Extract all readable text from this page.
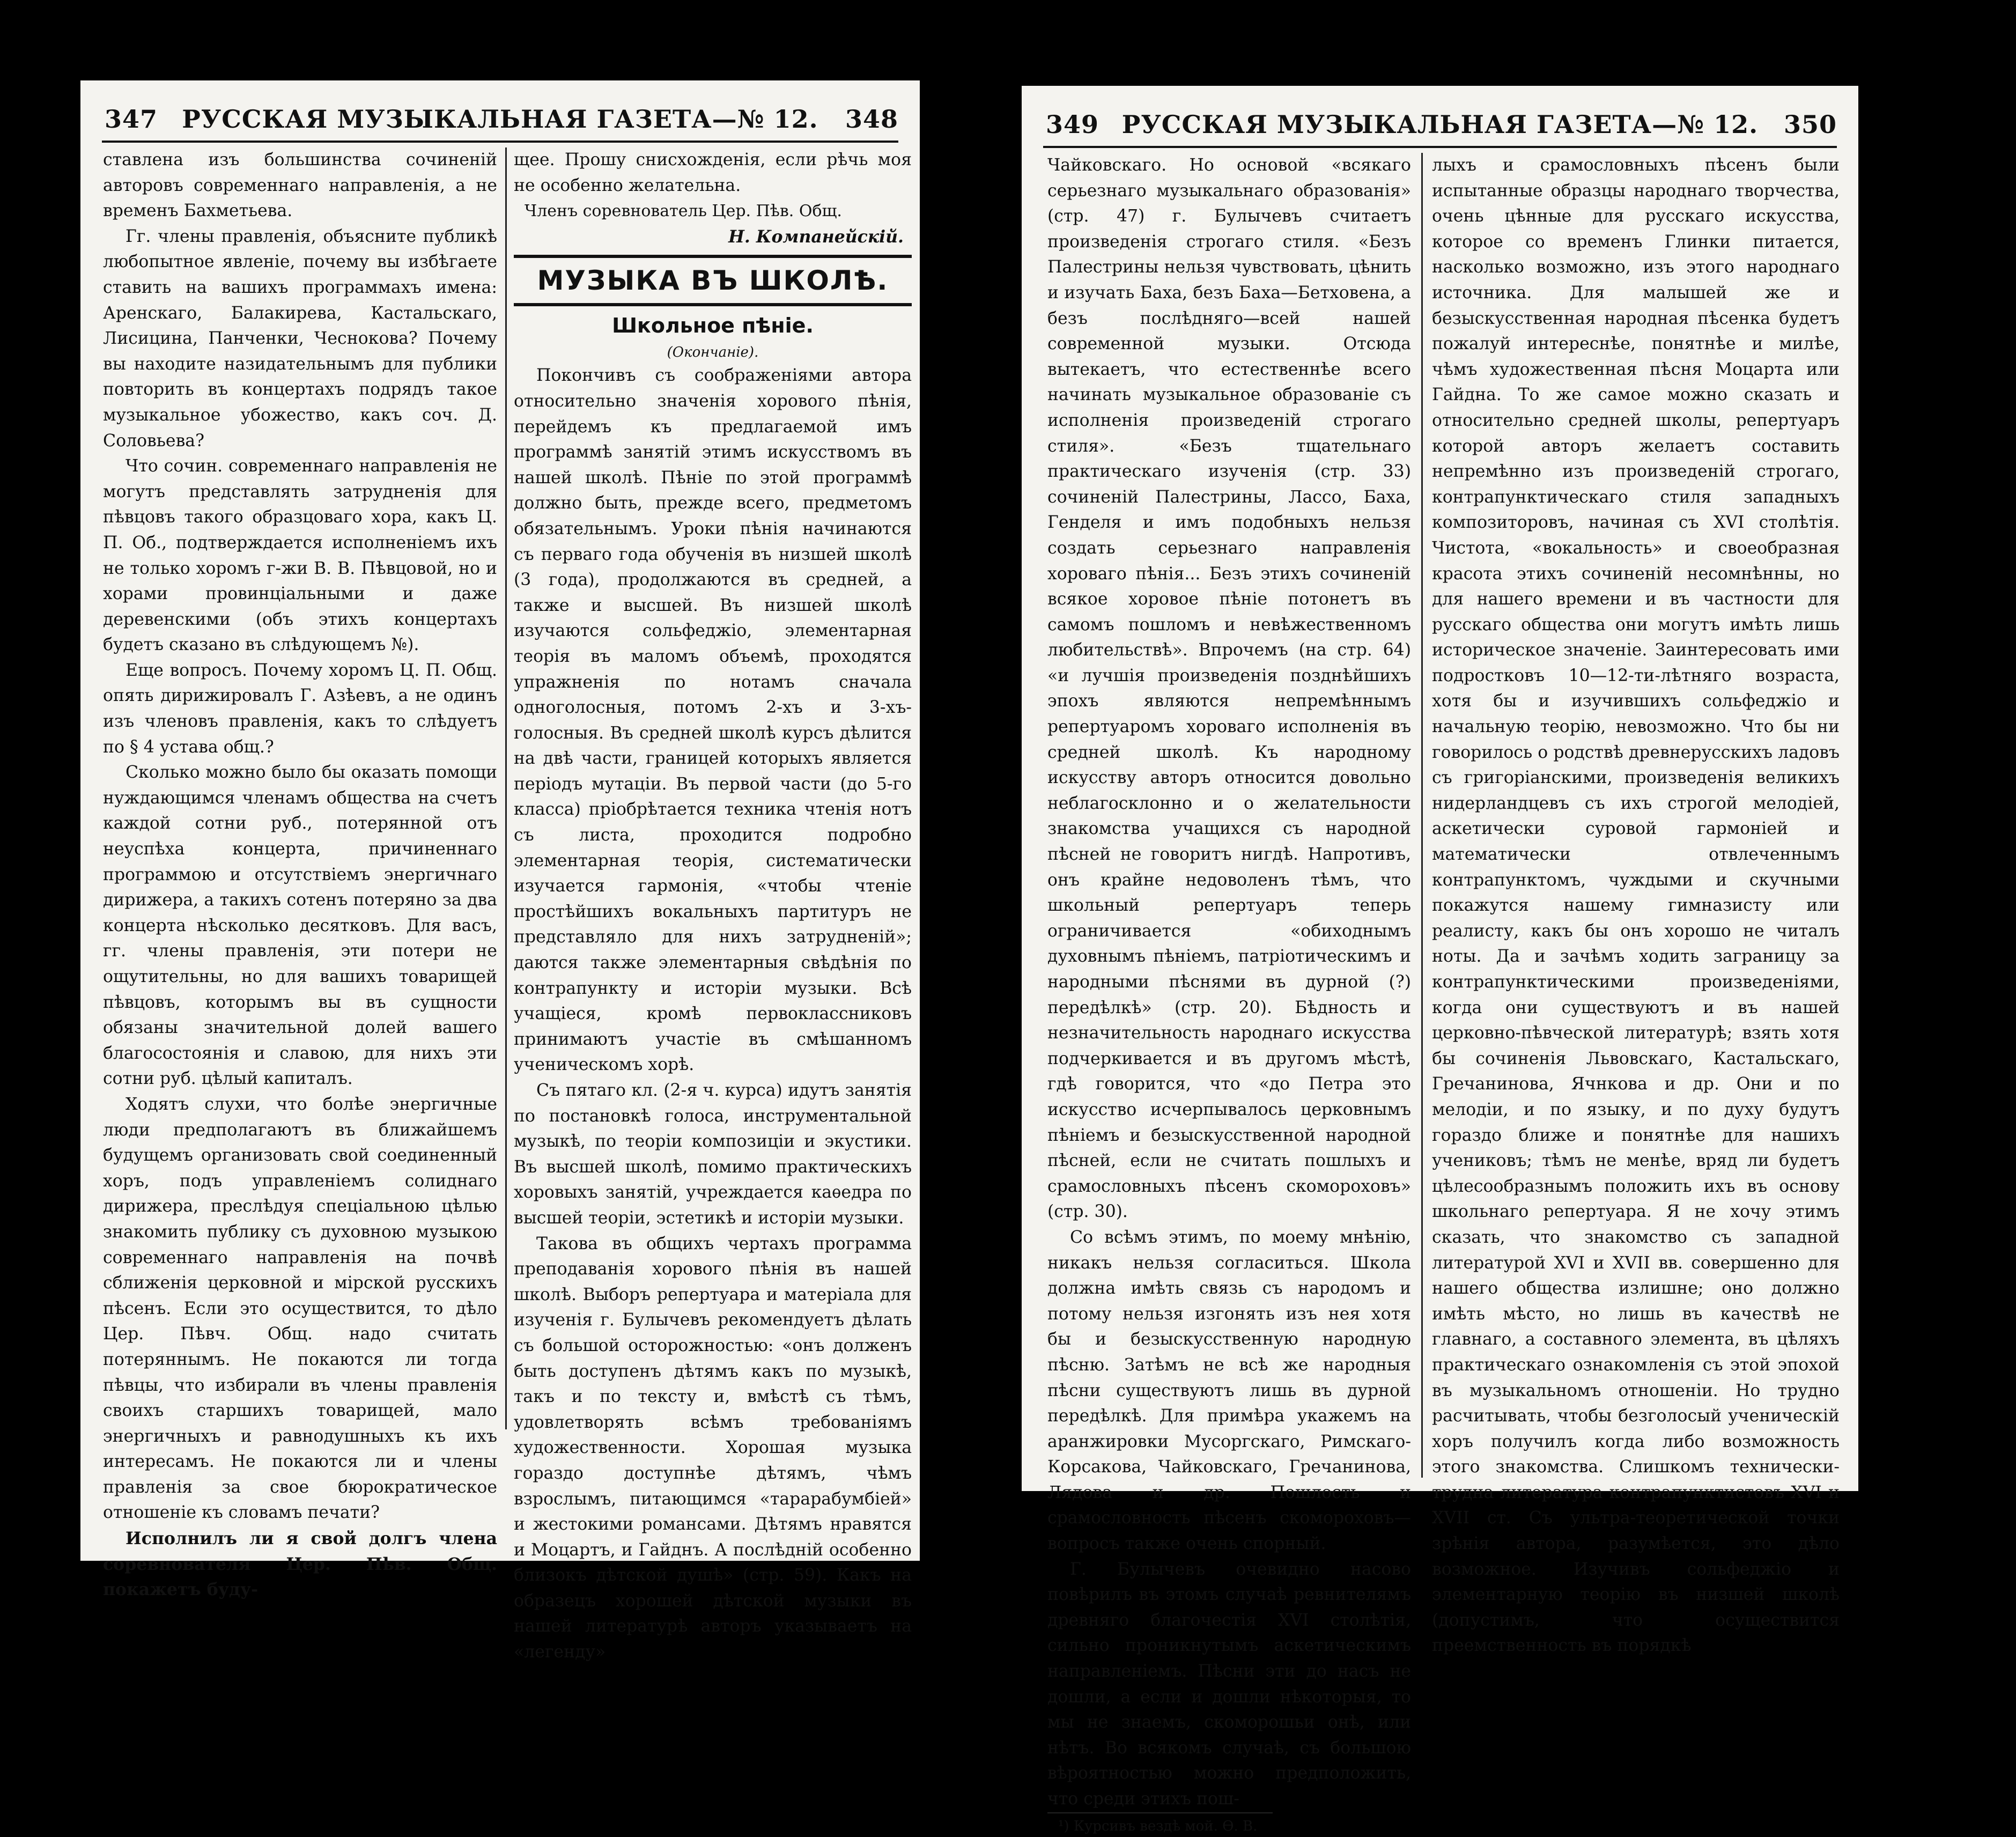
347 РУССКАЯ МУЗЫКАЛЬНАЯ ГАЗЕТА—№ 12.	348

ставлена изъ большинства сочиненій авторовъ современнаго направленія, а не временъ Бахметьева.

Гг. члены правленія, объясните публикѣ любопытное явленіе, почему вы избѣгаете ставить на вашихъ программахъ имена: Аренскаго, Балакирева, Кастальскаго, Лисицина, Панченки, Чеснокова? Почему вы находите назидательнымъ для публики повторить въ концертахъ подрядъ такое музыкальное убожество, какъ соч. Д. Соловьева?

Что сочин. современнаго направленія не могутъ представлять затрудненія для пѣвцовъ такого образцоваго хора, какъ Ц. П. Об., подтверждается исполненіемъ ихъ не только хоромъ г-жи В. В. Пѣвцовой, но и хорами провинціальными и даже деревенскими (объ этихъ концертахъ будетъ сказано въ слѣдующемъ №).

Еще вопросъ. Почему хоромъ Ц. П. Общ. опять дирижировалъ Г. Азѣевъ, а не одинъ изъ членовъ правленія, какъ то слѣдуетъ по § 4 устава общ.?

Сколько можно было бы оказать помощи нуждающимся членамъ общества на счетъ каждой сотни руб., потерянной отъ неуспѣха концерта, причиненнаго программою и отсутствіемъ энергичнаго дирижера, а такихъ сотенъ потеряно за два концерта нѣсколько десятковъ. Для васъ, гг. члены правленія, эти потери не ощутительны, но для вашихъ товарищей пѣвцовъ, которымъ вы въ сущности обязаны значительной долей вашего благосостоянія и славою, для нихъ эти сотни руб. цѣлый капиталъ.

Ходятъ слухи, что болѣе энергичные люди предполагаютъ въ ближайшемъ будущемъ организовать свой соединенный хоръ, подъ управленіемъ солиднаго дирижера, преслѣдуя спеціальною цѣлью знакомить публику съ духовною музыкою современнаго направленія на почвѣ сближенія церковной и мірской русскихъ пѣсенъ. Если это осуществится, то дѣло Цер. Пѣвч. Общ. надо считать потеряннымъ. Не покаются ли тогда пѣвцы, что избирали въ члены правленія своихъ старшихъ товарищей, мало энергичныхъ и равнодушныхъ къ ихъ интересамъ. Не покаются ли и члены правленія за свое бюрократическое отношеніе къ словамъ печати?

Исполнилъ ли я свой долгъ члена соревнователя Цер. Пѣв. Общ. покажетъ буду-

щее. Прошу снисхожденія, если рѣчь моя не особенно желательна.

Членъ соревнователь Цер. Пѣв. Общ.

Н. Компанейскій.

МУЗЫКА ВЪ ШКОЛѢ.
Школьное пѣніе.
(Окончаніе).

Покончивъ съ соображеніями автора относительно значенія хорового пѣнія, перейдемъ къ предлагаемой имъ программѣ занятій этимъ искусствомъ въ нашей школѣ. Пѣніе по этой программѣ должно быть, прежде всего, предметомъ обязательнымъ. Уроки пѣнія начинаются съ перваго года обученія въ низшей школѣ (3 года), продолжаются въ средней, а также и высшей. Въ низшей школѣ изучаются сольфеджіо, элементарная теорія въ маломъ объемѣ, проходятся упражненія по нотамъ сначала одноголосныя, потомъ 2-хъ и 3-хъ-голосныя. Въ средней школѣ курсъ дѣлится на двѣ части, границей которыхъ является періодъ мутаціи. Въ первой части (до 5-го класса) пріобрѣтается техника чтенія нотъ съ листа, проходится подробно элементарная теорія, систематически изучается гармонія, «чтобы чтеніе простѣйшихъ вокальныхъ партитуръ не представляло для нихъ затрудненій»; даются также элементарныя свѣдѣнія по контрапункту и исторіи музыки. Всѣ учащіеся, кромѣ первоклассниковъ принимаютъ участіе въ смѣшанномъ ученическомъ хорѣ.

Съ пятаго кл. (2-я ч. курса) идутъ занятія по постановкѣ голоса, инструментальной музыкѣ, по теоріи композиціи и экустики. Въ высшей школѣ, помимо практическихъ хоровыхъ занятій, учреждается каѳедра по высшей теоріи, эстетикѣ и исторіи музыки.

Такова въ общихъ чертахъ программа преподаванія хорового пѣнія въ нашей школѣ. Выборъ репертуара и матеріала для изученія г. Булычевъ рекомендуетъ дѣлать съ большой осторожностью: «онъ долженъ быть доступенъ дѣтямъ какъ по музыкѣ, такъ и по тексту и, вмѣстѣ съ тѣмъ, удовлетворять всѣмъ требованіямъ художественности. Хорошая музыка гораздо доступнѣе дѣтямъ, чѣмъ взрослымъ, питающимся «тарарабумбіей» и жестокими романсами. Дѣтямъ нравятся и Моцартъ, и Гайднъ. А послѣдній особенно близокъ дѣтской душѣ» (стр. 59). Какъ на образецъ хорошей дѣтской музыки въ нашей литературѣ авторъ указываетъ на «легенду»

349 РУССКАЯ МУЗЫКАЛЬНАЯ ГАЗЕТА—№ 12.	350

Чайковскаго. Но основой «всякаго серьезнаго музыкальнаго образованія» (стр. 47) г. Булычевъ считаетъ произведенія строгаго стиля. «Безъ Палестрины нельзя чувствовать, цѣнить и изучать Баха, безъ Баха—Бетховена, а безъ послѣдняго—всей нашей современной музыки. Отсюда вытекаетъ, что естественнѣе всего начинать музыкальное образованіе съ исполненія произведеній строгаго стиля». «Безъ тщательнаго практическаго изученія (стр. 33) сочиненій Палестрины, Лассо, Баха, Генделя и имъ подобныхъ нельзя создать серьезнаго направленія хороваго пѣнія... Безъ этихъ сочиненій всякое хоровое пѣніе потонетъ въ самомъ пошломъ и невѣжественномъ любительствѣ». Впрочемъ (на стр. 64) «и лучшія произведенія позднѣйшихъ эпохъ являются непремѣннымъ репертуаромъ хороваго исполненія въ средней школѣ. Къ народному искусству авторъ относится довольно неблагосклонно и о желательности знакомства учащихся съ народной пѣсней не говоритъ нигдѣ. Напротивъ, онъ крайне недоволенъ тѣмъ, что школьный репертуаръ теперь ограничивается «обиходнымъ духовнымъ пѣніемъ, патріотическимъ и народными пѣснями въ дурной (?) передѣлкѣ» (стр. 20). Бѣдность и незначительность народнаго искусства подчеркивается и въ другомъ мѣстѣ, гдѣ говорится, что «до Петра это искусство исчерпывалось церковнымъ пѣніемъ и безыскусственной народной пѣсней, если не считать пошлыхъ и срамословныхъ пѣсенъ скомороховъ» (стр. 30).

Со всѣмъ этимъ, по моему мнѣнію, никакъ нельзя согласиться. Школа должна имѣть связь съ народомъ и потому нельзя изгонять изъ нея хотя бы и безыскусственную народную пѣсню. Затѣмъ не всѣ же народныя пѣсни существуютъ лишь въ дурной передѣлкѣ. Для примѣра укажемъ на аранжировки Мусоргскаго, Римскаго-Корсакова, Чайковскаго, Гречанинова, Лядова и др. Пошлость и срамословность пѣсенъ скомороховъ—вопросъ также очень спорный.

Г. Булычевъ очевидно насово повѣрилъ въ этомъ случаѣ ревнителямъ древняго благочестія XVI столѣтія, сильно проникнутымъ аскетическимъ направленіемъ. Пѣсни эти до насъ не дошли, а если и дошли нѣкоторыя, то мы не знаемъ, скоморошьи онѣ, или нѣтъ. Во всякомъ случаѣ, съ большою вѣроятностью можно предположить, что среди этихъ пош-

¹) Курсивъ вездѣ мой. Ѳ. В.

лыхъ и срамословныхъ пѣсенъ были испытанные образцы народнаго творчества, очень цѣнные для русскаго искусства, которое со временъ Глинки питается, насколько возможно, изъ этого народнаго источника. Для малышей же и безыскусственная народная пѣсенка будетъ пожалуй интереснѣе, понятнѣе и милѣе, чѣмъ художественная пѣсня Моцарта или Гайдна. То же самое можно сказать и относительно средней школы, репертуаръ которой авторъ желаетъ составить непремѣнно изъ произведеній строгаго, контрапунктическаго стиля западныхъ композиторовъ, начиная съ XVI столѣтія. Чистота, «вокальность» и своеобразная красота этихъ сочиненій несомнѣнны, но для нашего времени и въ частности для русскаго общества они могутъ имѣть лишь историческое значеніе. Заинтересовать ими подростковъ 10—12-ти-лѣтняго возраста, хотя бы и изучившихъ сольфеджіо и начальную теорію, невозможно. Что бы ни говорилось о родствѣ древнерусскихъ ладовъ съ григоріанскими, произведенія великихъ нидерландцевъ съ ихъ строгой мелодіей, аскетически суровой гармоніей и математически отвлеченнымъ контрапунктомъ, чуждыми и скучными покажутся нашему гимназисту или реалисту, какъ бы онъ хорошо не читалъ ноты. Да и зачѣмъ ходить заграницу за контрапунктическими произведеніями, когда они существуютъ и въ нашей церковно-пѣвческой литературѣ; взять хотя бы сочиненія Львовскаго, Кастальскаго, Гречанинова, Ячнкова и др. Они и по мелодіи, и по языку, и по духу будутъ гораздо ближе и понятнѣе для нашихъ учениковъ; тѣмъ не менѣе, вряд ли будетъ цѣлесообразнымъ положить ихъ въ основу школьнаго репертуара. Я не хочу этимъ сказать, что знакомство съ западной литературой XVI и XVII вв. совершенно для нашего общества излишне; оно должно имѣть мѣсто, но лишь въ качествѣ не главнаго, а составного элемента, въ цѣляхъ практическаго ознакомленія съ этой эпохой въ музыкальномъ отношеніи. Но трудно расчитывать, чтобы безголосый ученическій хоръ получилъ когда либо возможность этого знакомства. Слишкомъ технически-трудна литература контрапунктистовъ XVI и XVII ст. Съ ультра-теоретической точки зрѣнія автора, разумѣется, это дѣло возможное. Изучивъ сольфеджіо и элементарную теорію въ низшей школѣ (допустимъ, что осуществится преемственность въ порядкѣ
